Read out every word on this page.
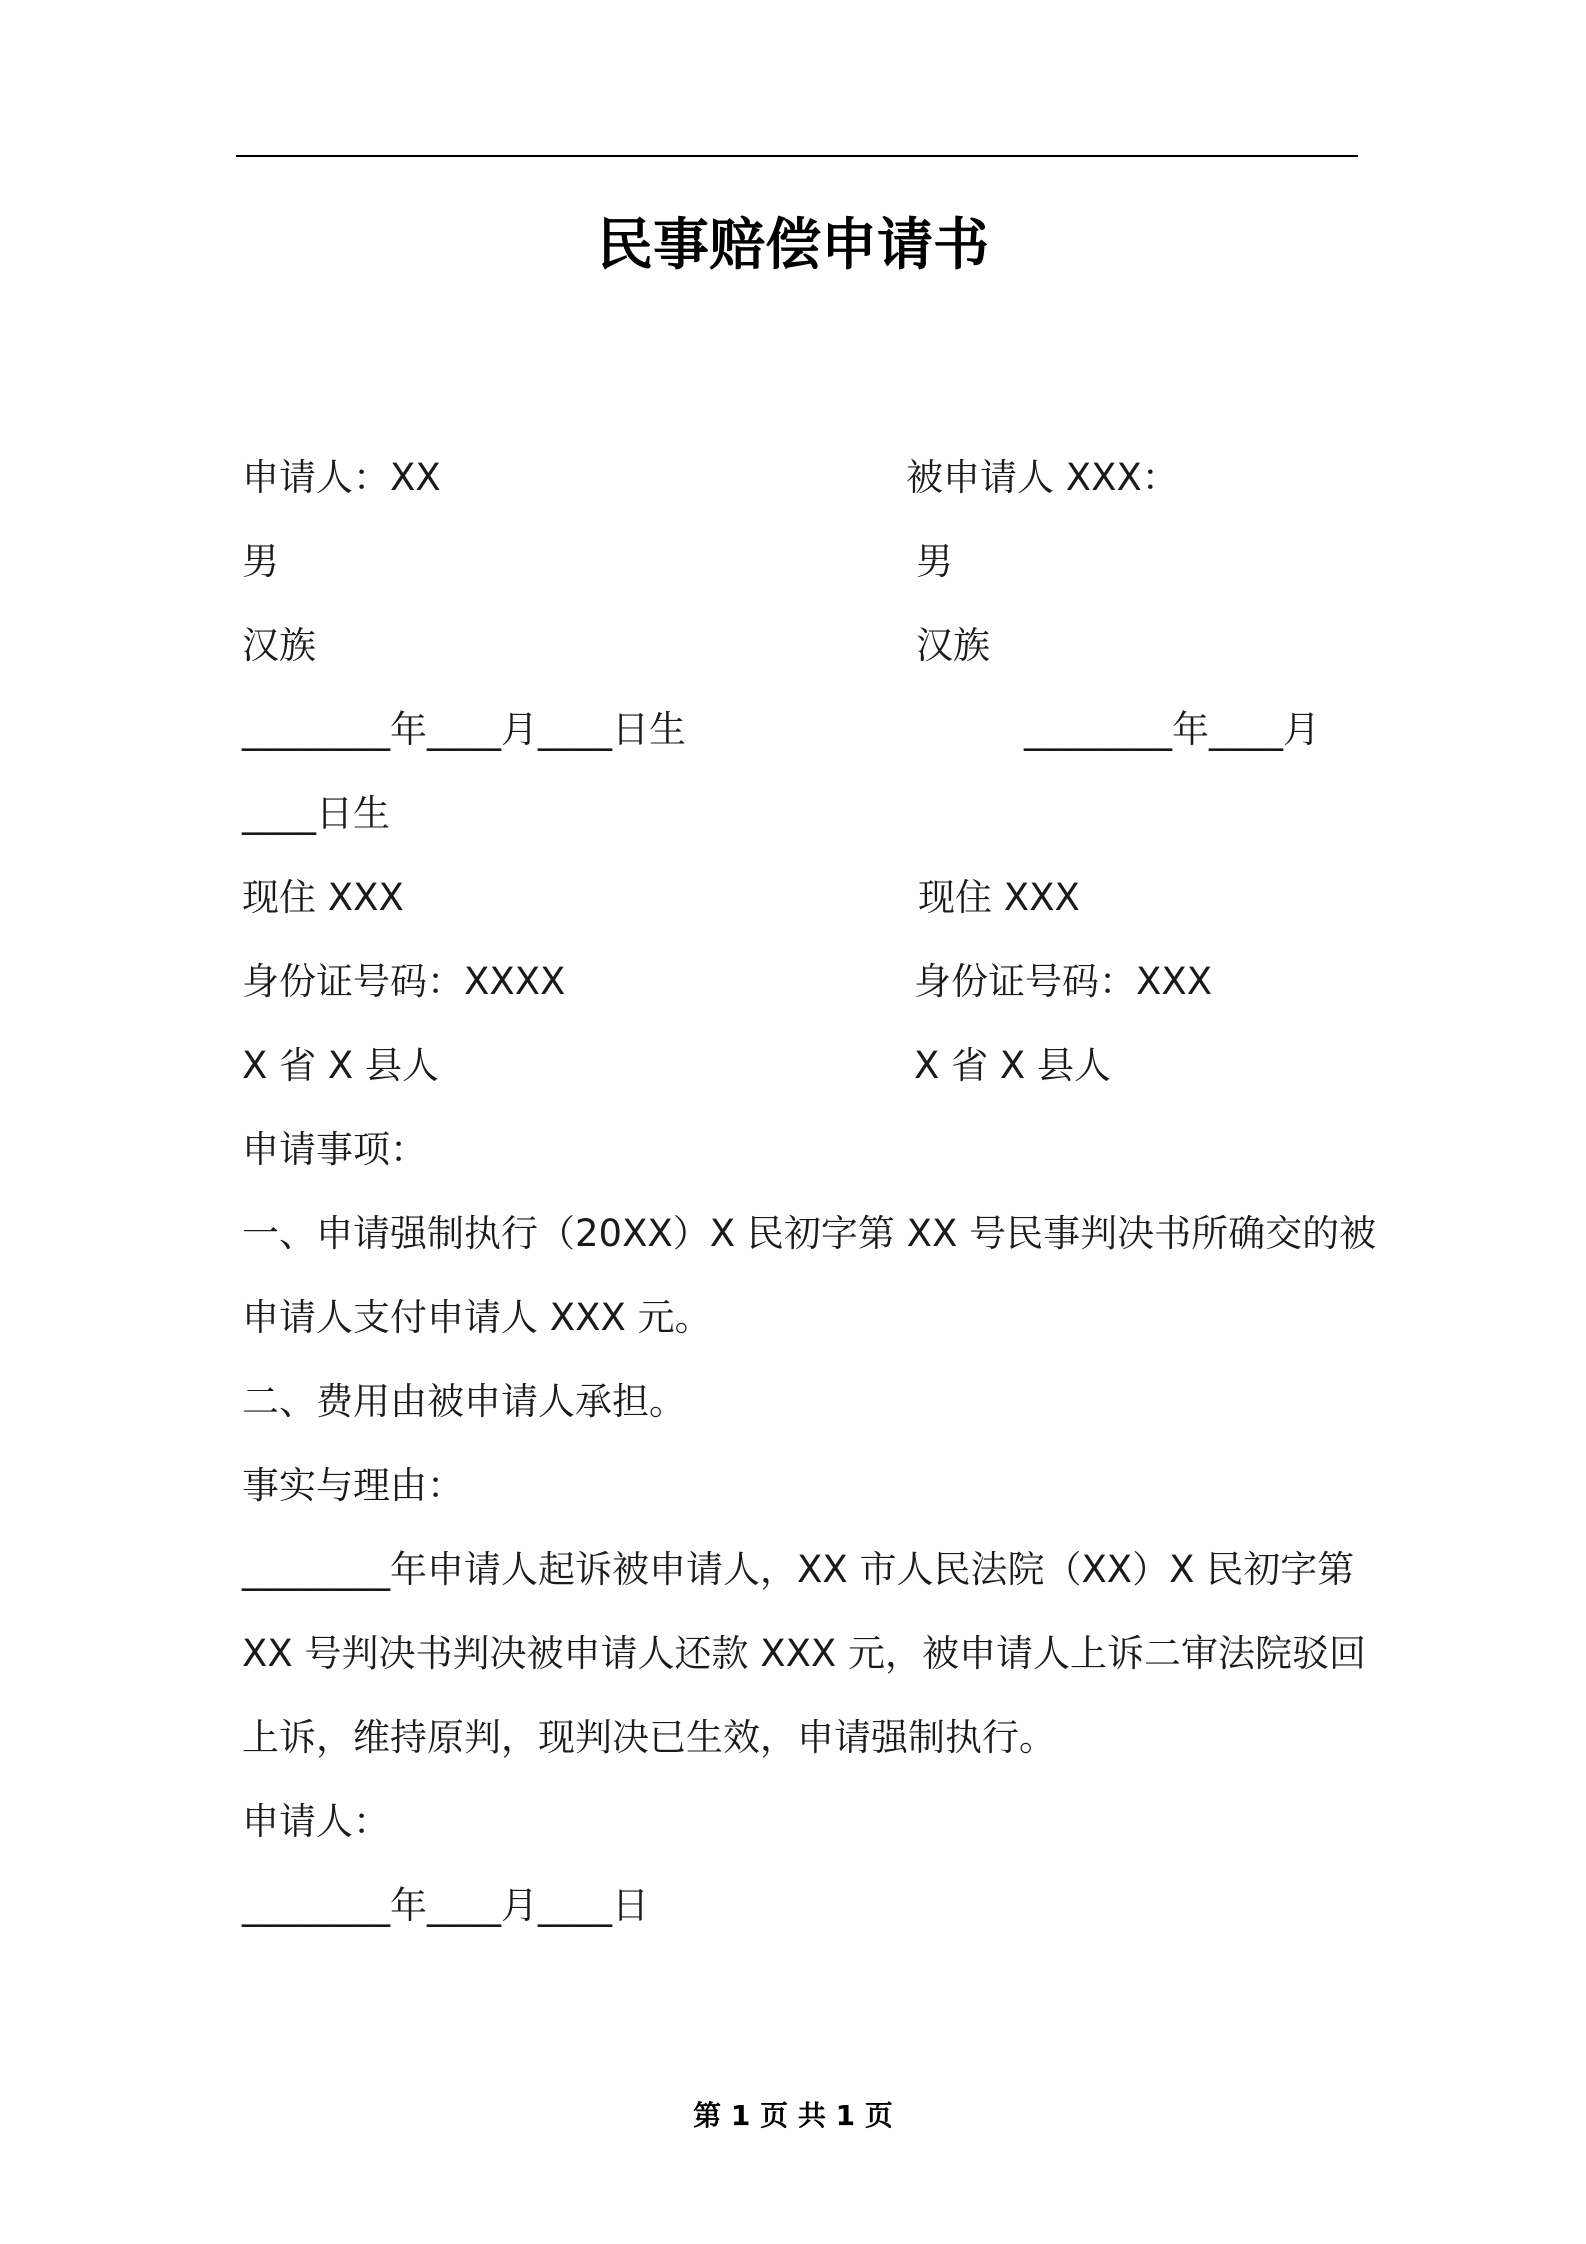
民事赔偿申请书
申请人：XX	被申请人 XXX：
男	男
汉族	汉族
________年____月____日生	________年____月
____日生
现住 XXX	现住 XXX
身份证号码：XXXX	身份证号码：XXX
X 省 X 县人	X 省 X 县人
申请事项：
一、申请强制执行（20XX）X 民初字第 XX 号民事判决书所确交的被
申请人支付申请人 XXX 元。
二、费用由被申请人承担。
事实与理由：
________年申请人起诉被申请人，XX 市人民法院（XX）X 民初字第
XX 号判决书判决被申请人还款 XXX 元，被申请人上诉二审法院驳回
上诉，维持原判，现判决已生效，申请强制执行。
申请人：
________年____月____日
第 1 页 共 1 页
